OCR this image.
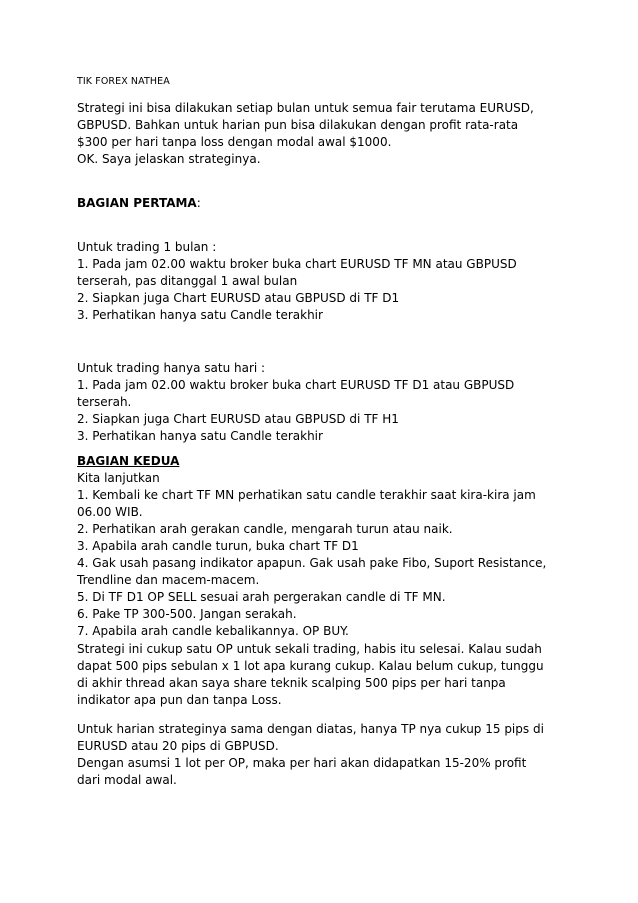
TIK FOREX NATHEA
Strategi ini bisa dilakukan setiap bulan untuk semua fair terutama EURUSD,
GBPUSD. Bahkan untuk harian pun bisa dilakukan dengan profit rata-rata
$300 per hari tanpa loss dengan modal awal $1000.
OK. Saya jelaskan strateginya.
BAGIAN PERTAMA:
Untuk trading 1 bulan :
1. Pada jam 02.00 waktu broker buka chart EURUSD TF MN atau GBPUSD
terserah, pas ditanggal 1 awal bulan
2. Siapkan juga Chart EURUSD atau GBPUSD di TF D1
3. Perhatikan hanya satu Candle terakhir
Untuk trading hanya satu hari :
1. Pada jam 02.00 waktu broker buka chart EURUSD TF D1 atau GBPUSD
terserah.
2. Siapkan juga Chart EURUSD atau GBPUSD di TF H1
3. Perhatikan hanya satu Candle terakhir
BAGIAN KEDUA
Kita lanjutkan
1. Kembali ke chart TF MN perhatikan satu candle terakhir saat kira-kira jam
06.00 WIB.
2. Perhatikan arah gerakan candle, mengarah turun atau naik.
3. Apabila arah candle turun, buka chart TF D1
4. Gak usah pasang indikator apapun. Gak usah pake Fibo, Suport Resistance,
Trendline dan macem-macem.
5. Di TF D1 OP SELL sesuai arah pergerakan candle di TF MN.
6. Pake TP 300-500. Jangan serakah.
7. Apabila arah candle kebalikannya. OP BUY.
Strategi ini cukup satu OP untuk sekali trading, habis itu selesai. Kalau sudah
dapat 500 pips sebulan x 1 lot apa kurang cukup. Kalau belum cukup, tunggu
di akhir thread akan saya share teknik scalping 500 pips per hari tanpa
indikator apa pun dan tanpa Loss.
Untuk harian strateginya sama dengan diatas, hanya TP nya cukup 15 pips di
EURUSD atau 20 pips di GBPUSD.
Dengan asumsi 1 lot per OP, maka per hari akan didapatkan 15-20% profit
dari modal awal.
